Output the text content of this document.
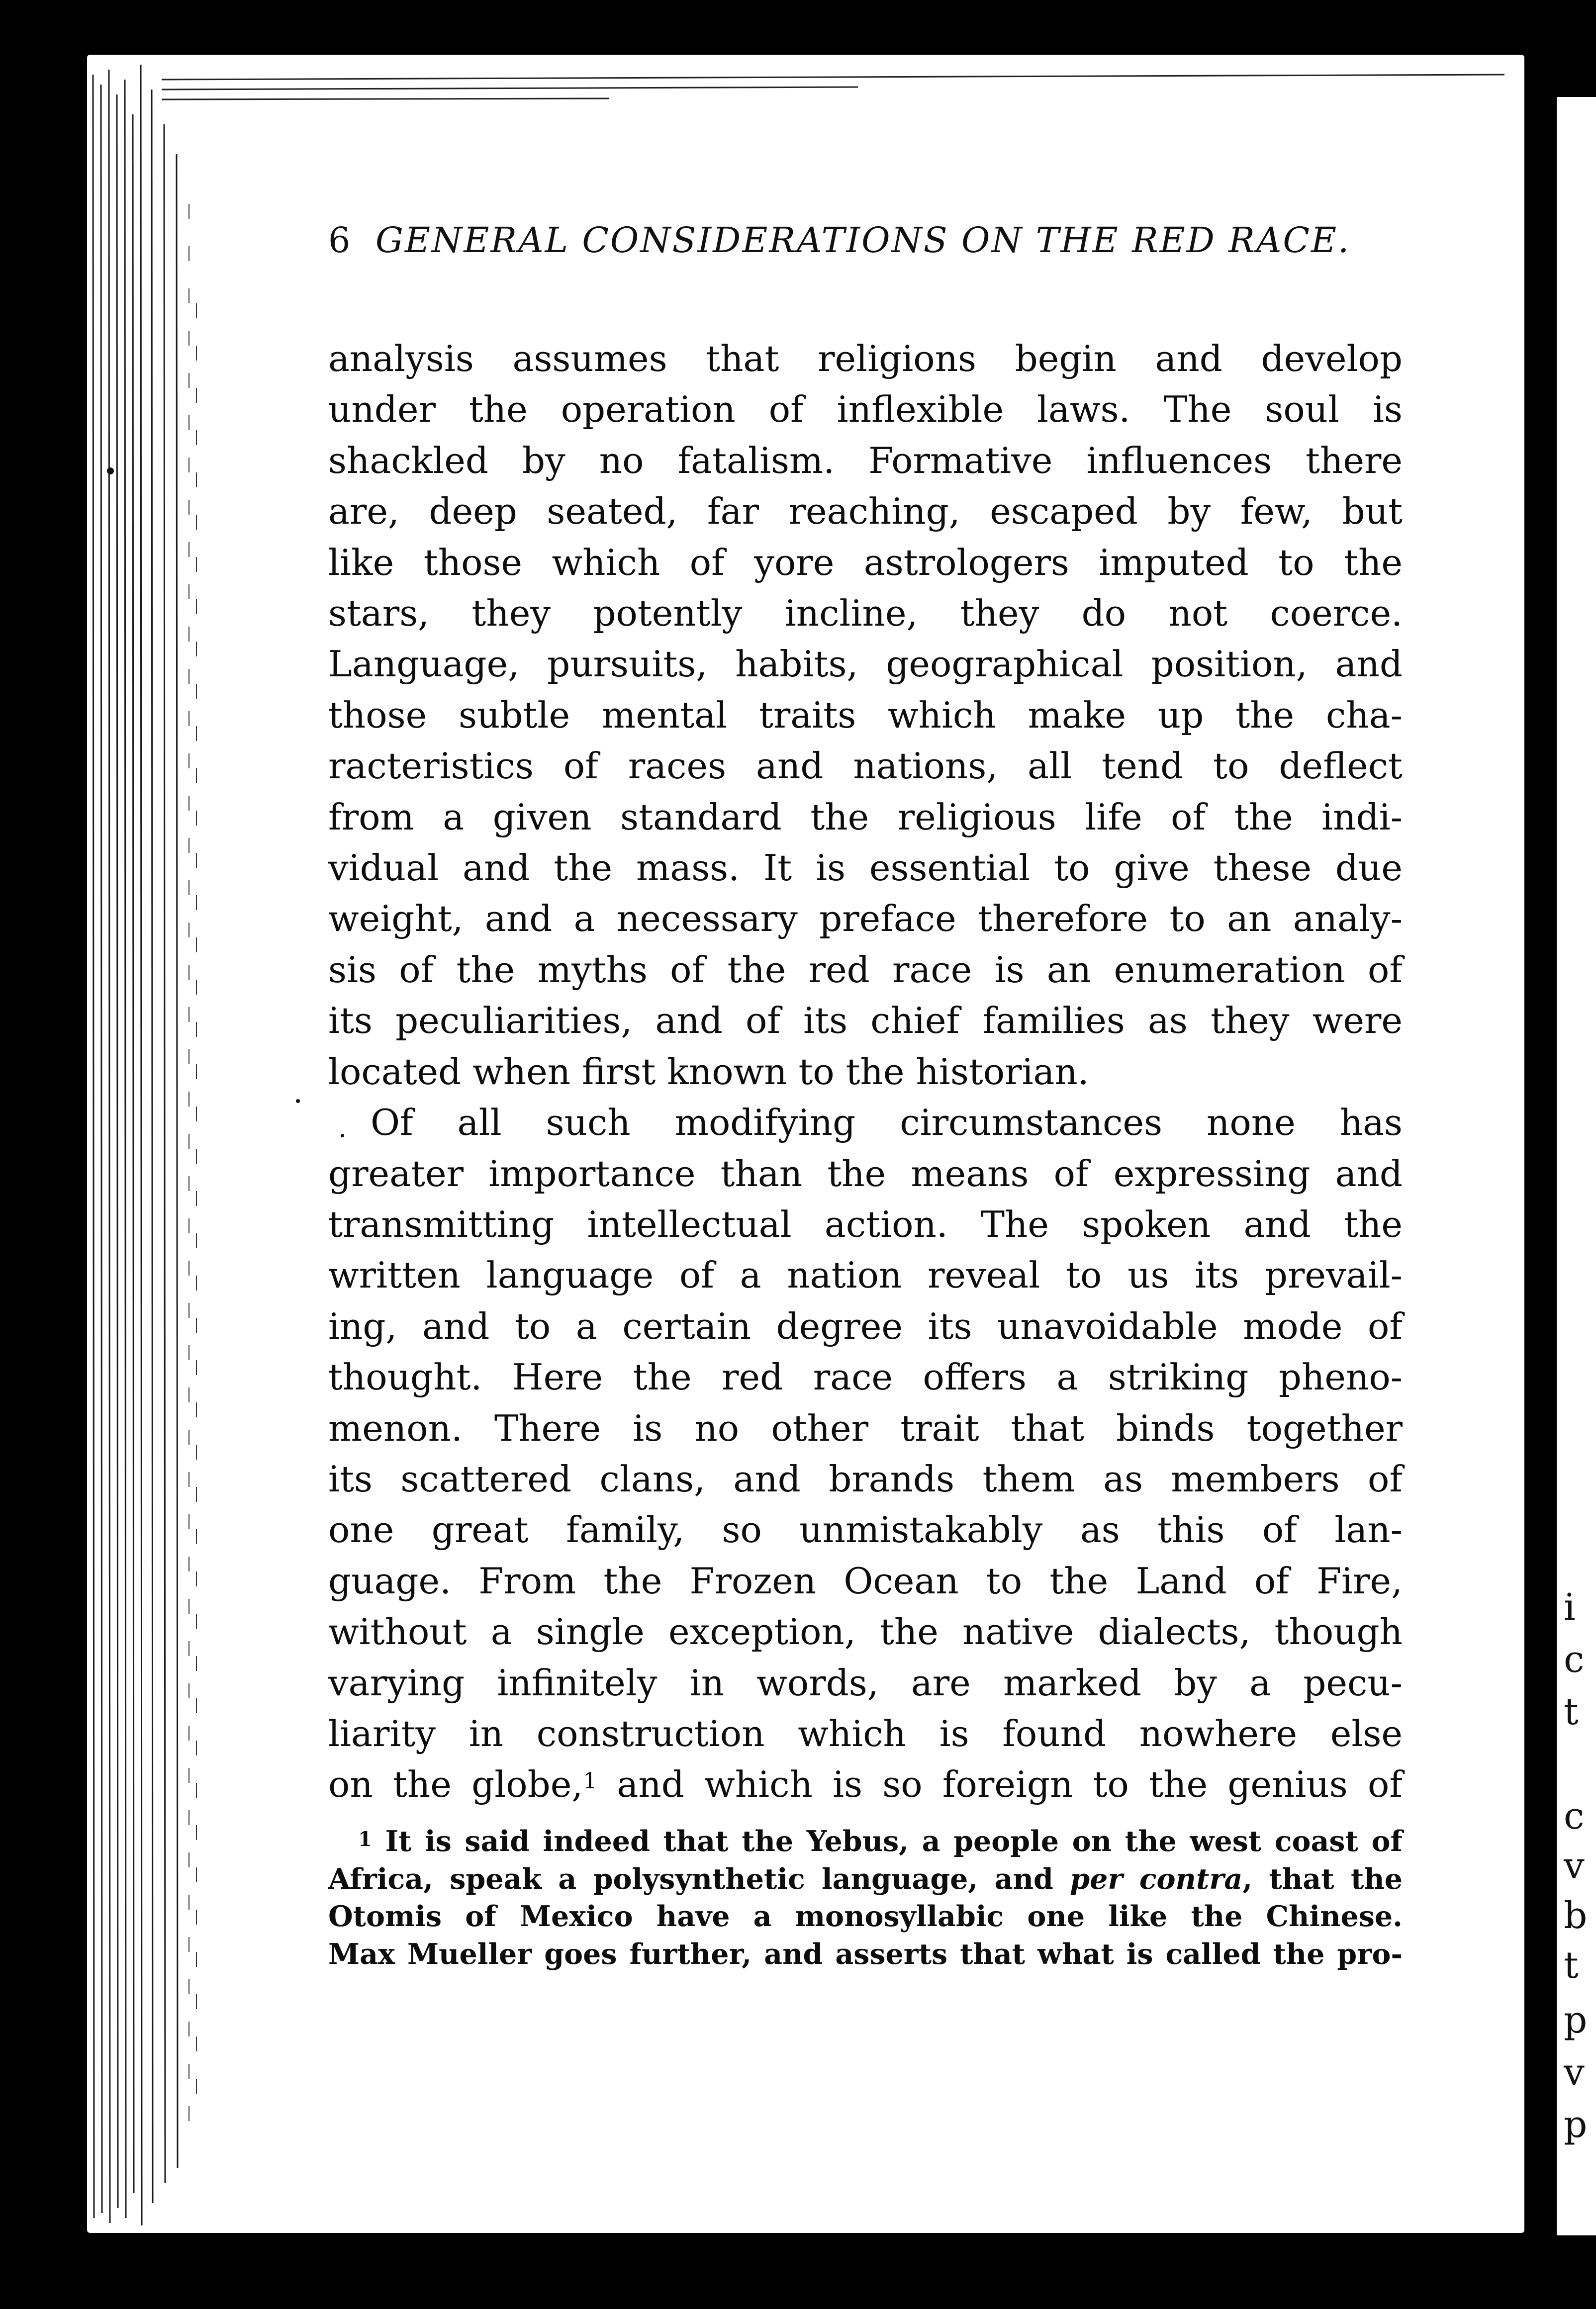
i
c
t
c
v
b
t
p
v
p
6 GENERAL CONSIDERATIONS ON THE RED RACE.
analysis assumes that religions begin and develop
under the operation of inflexible laws. The soul is
shackled by no fatalism. Formative influences there
are, deep seated, far reaching, escaped by few, but
like those which of yore astrologers imputed to the
stars, they potently incline, they do not coerce.
Language, pursuits, habits, geographical position, and
those subtle mental traits which make up the cha-
racteristics of races and nations, all tend to deflect
from a given standard the religious life of the indi-
vidual and the mass. It is essential to give these due
weight, and a necessary preface therefore to an analy-
sis of the myths of the red race is an enumeration of
its peculiarities, and of its chief families as they were
located when first known to the historian.
Of all such modifying circumstances none has
greater importance than the means of expressing and
transmitting intellectual action. The spoken and the
written language of a nation reveal to us its prevail-
ing, and to a certain degree its unavoidable mode of
thought. Here the red race offers a striking pheno-
menon. There is no other trait that binds together
its scattered clans, and brands them as members of
one great family, so unmistakably as this of lan-
guage. From the Frozen Ocean to the Land of Fire,
without a single exception, the native dialects, though
varying infinitely in words, are marked by a pecu-
liarity in construction which is found nowhere else
on the globe,$^1$ and which is so foreign to the genius of
$^1$ It is said indeed that the Yebus, a people on the west coast of
Africa, speak a polysynthetic language, and per contra, that the
Otomis of Mexico have a monosyllabic one like the Chinese.
Max Mueller goes further, and asserts that what is called the pro-
